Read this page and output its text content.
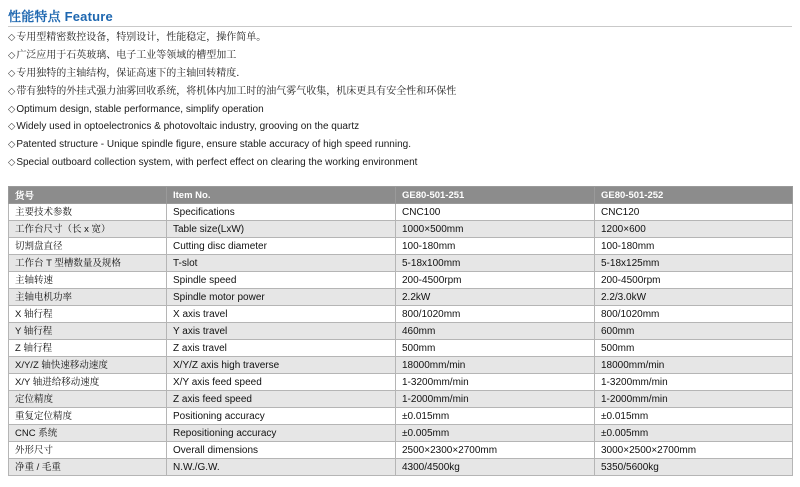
性能特点 Feature
◇专用型精密数控设备，特别设计，性能稳定，操作简单。
◇广泛应用于石英玻璃、电子工业等领域的槽型加工
◇专用独特的主轴结构，保证高速下的主轴回转精度．
◇带有独特的外挂式强力油雾回收系统，将机体内加工时的油气雾气收集，机床更具有安全性和环保性
◇Optimum design, stable performance, simplify operation
◇Widely used in optoelectronics & photovoltaic industry, grooving on the quartz
◇Patented structure - Unique spindle figure, ensure stable accuracy of high speed running.
◇Special outboard collection system, with perfect effect on clearing the working environment
货号	Item No.	GE80-501-251	GE80-501-252
主要技术参数	Specifications	CNC100	CNC120
工作台尺寸（长 x 宽）	Table size(LxW)	1000×500mm	1200×600
切割盘直径	Cutting disc diameter	100-180mm	100-180mm
工作台 T 型槽数量及规格	T-slot	5-18x100mm	5-18x125mm
主轴转速	Spindle speed	200-4500rpm	200-4500rpm
主轴电机功率	Spindle motor power	2.2kW	2.2/3.0kW
X 轴行程	X axis travel	800/1020mm	800/1020mm
Y 轴行程	Y axis travel	460mm	600mm
Z 轴行程	Z axis travel	500mm	500mm
X/Y/Z 轴快速移动速度	X/Y/Z axis high traverse	18000mm/min	18000mm/min
X/Y 轴进给移动速度	X/Y axis feed speed	1-3200mm/min	1-3200mm/min
定位精度	Z axis feed speed	1-2000mm/min	1-2000mm/min
重复定位精度	Positioning accuracy	±0.015mm	±0.015mm
CNC 系统	Repositioning accuracy	±0.005mm	±0.005mm
外形尺寸	Overall dimensions	2500×2300×2700mm	3000×2500×2700mm
净重 / 毛重	N.W./G.W.	4300/4500kg	5350/5600kg
